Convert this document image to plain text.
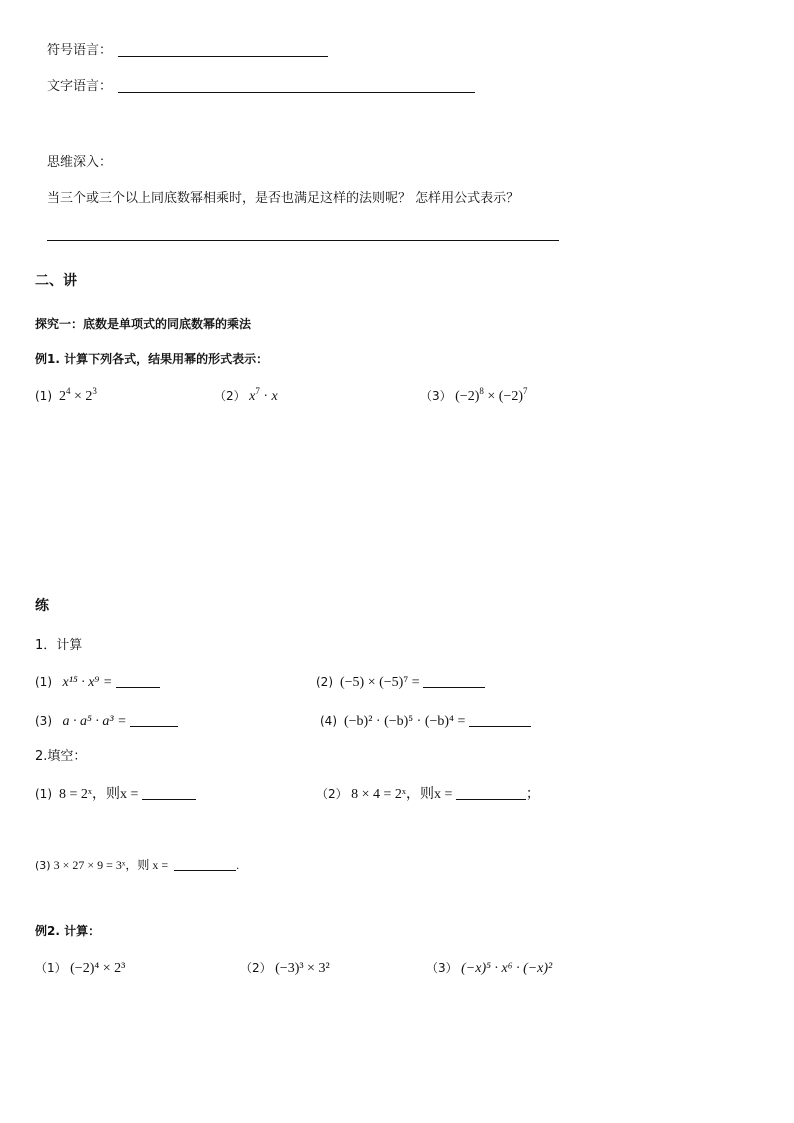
符号语言：
文字语言：
思维深入：
当三个或三个以上同底数幂相乘时，是否也满足这样的法则呢？ 怎样用公式表示？
二、讲
探究一：底数是单项式的同底数幂的乘法
例1. 计算下列各式，结果用幂的形式表示：
(1) $2^4 \times 2^3$	（2） $x^7 \cdot x$	（3） $(-2)^8 \times (-2)^7$
练
1．计算
(1) x¹⁵ · x⁹ =	(2) (−5) × (−5)⁷ =
(3) a · a⁵ · a³ =	(4) (−b)² · (−b)⁵ · (−b)⁴ =
2.填空：
(1) 8 = 2ˣ，则x =	（2） 8 × 4 = 2ˣ，则x =	；
(3) 3 × 27 × 9 = 3ˣ，则 x =	.
例2. 计算：
（1） (−2)⁴ × 2³	（2） (−3)³ × 3²	（3） (−x)⁵ · x⁶ · (−x)²
